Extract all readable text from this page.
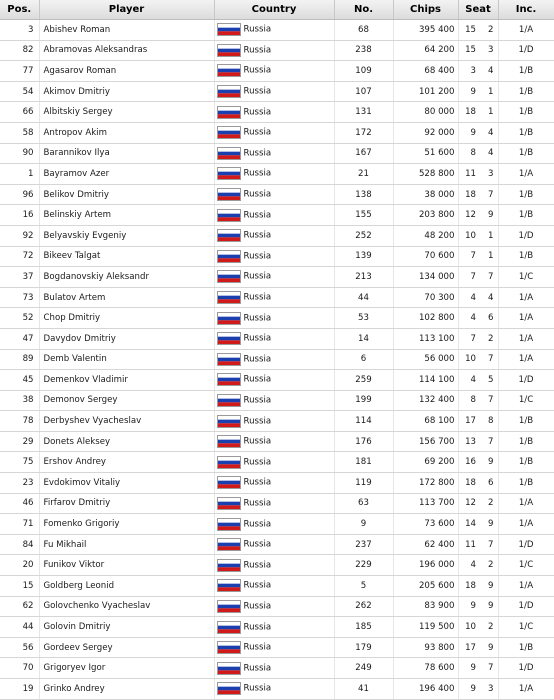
Pos.	Player	Country	No.	Chips	Seat		Inc.
3	Abishev Roman	Russia	68	395 400	15	2	1/A
82	Abramovas Aleksandras	Russia	238	64 200	15	3	1/D
77	Agasarov Roman	Russia	109	68 400	3	4	1/B
54	Akimov Dmitriy	Russia	107	101 200	9	1	1/B
66	Albitskiy Sergey	Russia	131	80 000	18	1	1/B
58	Antropov Akim	Russia	172	92 000	9	4	1/B
90	Barannikov Ilya	Russia	167	51 600	8	4	1/B
1	Bayramov Azer	Russia	21	528 800	11	3	1/A
96	Belikov Dmitriy	Russia	138	38 000	18	7	1/B
16	Belinskiy Artem	Russia	155	203 800	12	9	1/B
92	Belyavskiy Evgeniy	Russia	252	48 200	10	1	1/D
72	Bikeev Talgat	Russia	139	70 600	7	1	1/B
37	Bogdanovskiy Aleksandr	Russia	213	134 000	7	7	1/C
73	Bulatov Artem	Russia	44	70 300	4	4	1/A
52	Chop Dmitriy	Russia	53	102 800	4	6	1/A
47	Davydov Dmitriy	Russia	14	113 100	7	2	1/A
89	Demb Valentin	Russia	6	56 000	10	7	1/A
45	Demenkov Vladimir	Russia	259	114 100	4	5	1/D
38	Demonov Sergey	Russia	199	132 400	8	7	1/C
78	Derbyshev Vyacheslav	Russia	114	68 100	17	8	1/B
29	Donets Aleksey	Russia	176	156 700	13	7	1/B
75	Ershov Andrey	Russia	181	69 200	16	9	1/B
23	Evdokimov Vitaliy	Russia	119	172 800	18	6	1/B
46	Firfarov Dmitriy	Russia	63	113 700	12	2	1/A
71	Fomenko Grigoriy	Russia	9	73 600	14	9	1/A
84	Fu Mikhail	Russia	237	62 400	11	7	1/D
20	Funikov Viktor	Russia	229	196 000	4	2	1/C
15	Goldberg Leonid	Russia	5	205 600	18	9	1/A
62	Golovchenko Vyacheslav	Russia	262	83 900	9	9	1/D
44	Golovin Dmitriy	Russia	185	119 500	10	2	1/C
56	Gordeev Sergey	Russia	179	93 800	17	9	1/B
70	Grigoryev Igor	Russia	249	78 600	9	7	1/D
19	Grinko Andrey	Russia	41	196 400	9	3	1/A
